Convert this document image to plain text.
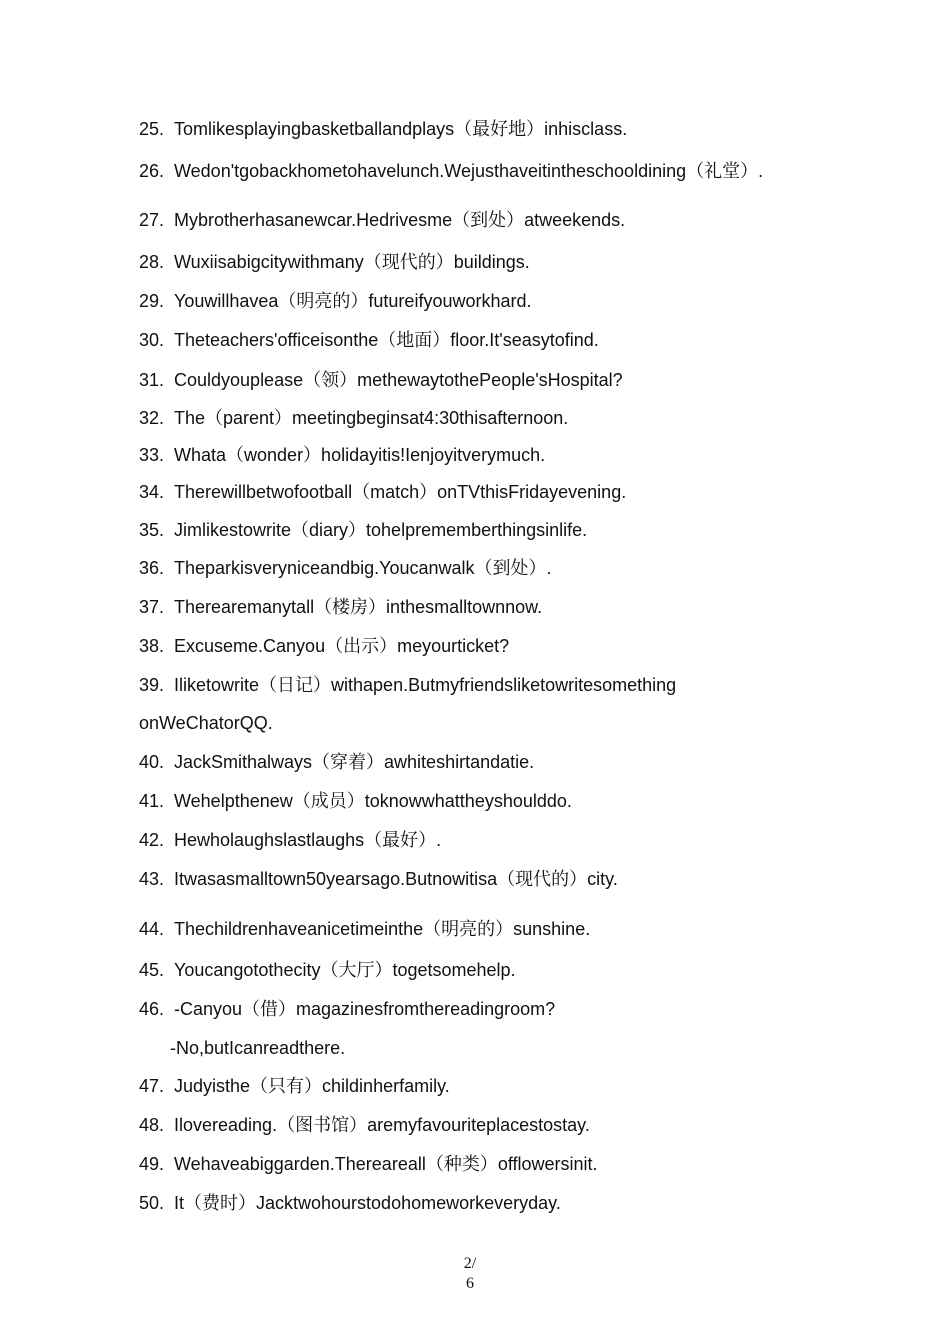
25. Tomlikesplayingbasketballandplays（最好地）inhisclass.
26. Wedon'tgobackhometohavelunch.Wejusthaveitintheschooldining（礼堂）.
27. Mybrotherhasanewcar.Hedrivesme（到处）atweekends.
28. Wuxiisabigcitywithmany（现代的）buildings.
29. Youwillhavea（明亮的）futureifyouworkhard.
30. Theteachers'officeisonthe（地面）floor.It'seasytofind.
31. Couldyouplease（领）methewaytothePeople'sHospital?
32. The（parent）meetingbeginsat4:30thisafternoon.
33. Whata（wonder）holidayitis!Ienjoyitverymuch.
34. Therewillbetwofootball（match）onTVthisFridayevening.
35. Jimlikestowrite（diary）tohelprememberthingsinlife.
36. Theparkisveryniceandbig.Youcanwalk（到处）.
37. Therearemanytall（楼房）inthesmalltownnow.
38. Excuseme.Canyou（出示）meyourticket?
39. Iliketowrite（日记）withapen.Butmyfriendsliketowritesomething
onWeChatorQQ.
40. JackSmithalways（穿着）awhiteshirtandatie.
41. Wehelpthenew（成员）toknowwhattheyshoulddo.
42. Hewholaughslastlaughs（最好）.
43. Itwasasmalltown50yearsago.Butnowitisa（现代的）city.
44. Thechildrenhaveanicetimeinthe（明亮的）sunshine.
45. Youcangotothecity（大厅）togetsomehelp.
46. -Canyou（借）magazinesfromthereadingroom?
-No,butIcanreadthere.
47. Judyisthe（只有）childinherfamily.
48. Ilovereading.（图书馆）aremyfavouriteplacestostay.
49. Wehaveabiggarden.Thereareall（种类）offlowersinit.
50. It（费时）Jacktwohourstodohomeworkeveryday.
2/
6
